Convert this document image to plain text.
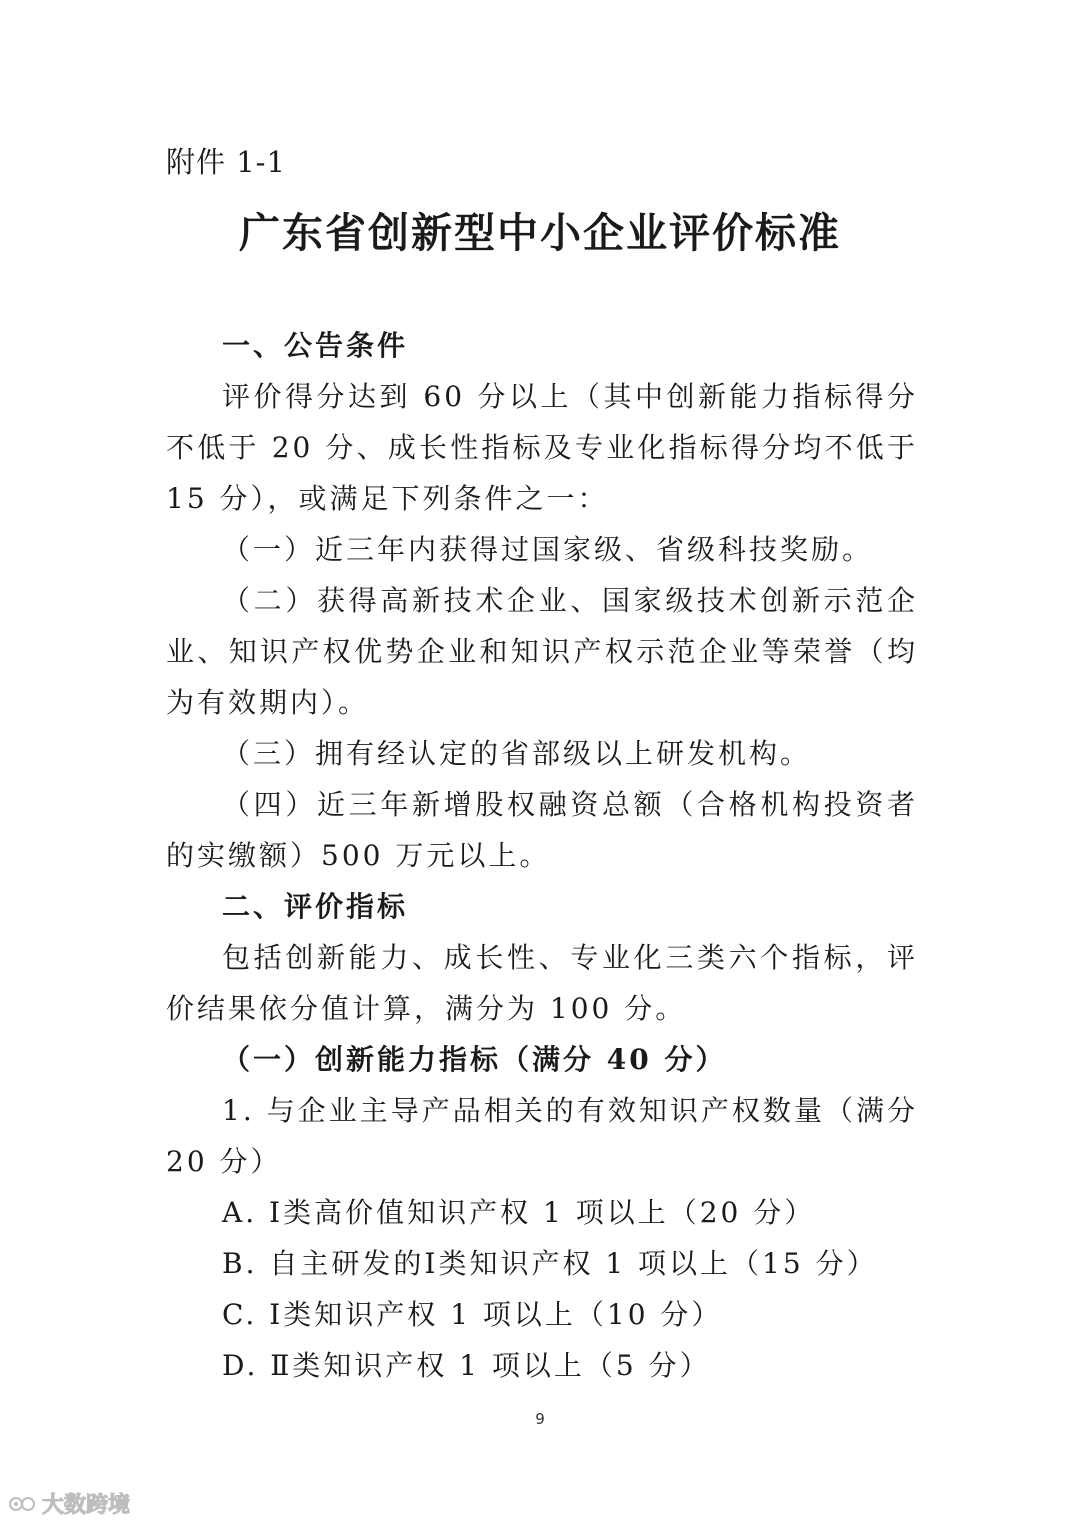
附件 1-1
广东省创新型中小企业评价标准

一、公告条件

评价得分达到 60 分以上（其中创新能力指标得分不低于 20 分、成长性指标及专业化指标得分均不低于 15 分），或满足下列条件之一：

（一）近三年内获得过国家级、省级科技奖励。

（二）获得高新技术企业、国家级技术创新示范企业、知识产权优势企业和知识产权示范企业等荣誉（均为有效期内）。

（三）拥有经认定的省部级以上研发机构。

（四）近三年新增股权融资总额（合格机构投资者的实缴额）500 万元以上。

二、评价指标

包括创新能力、成长性、专业化三类六个指标，评价结果依分值计算，满分为 100 分。

（一）创新能力指标（满分 40 分）

1. 与企业主导产品相关的有效知识产权数量（满分 20 分）

A. Ⅰ类高价值知识产权 1 项以上（20 分）

B. 自主研发的Ⅰ类知识产权 1 项以上（15 分）

C. Ⅰ类知识产权 1 项以上（10 分）

D. Ⅱ类知识产权 1 项以上（5 分）

9
大数跨境
